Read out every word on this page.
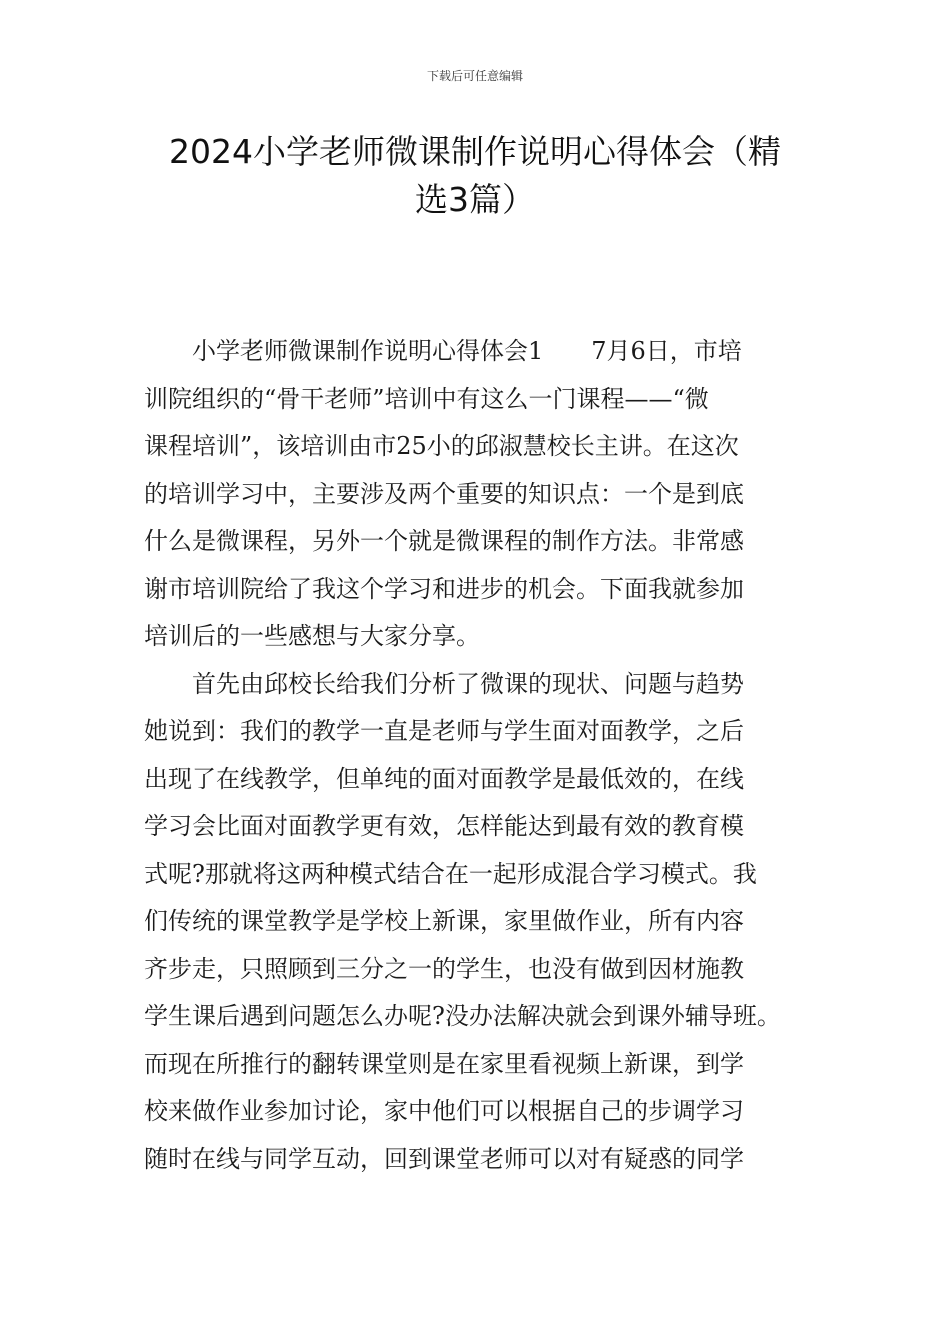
下载后可任意编辑
2024小学老师微课制作说明心得体会（精
选3篇）
　　小学老师微课制作说明心得体会1　　7月6日，市培
训院组织的“骨干老师”培训中有这么一门课程——“微
课程培训”，该培训由市25小的邱淑慧校长主讲。在这次
的培训学习中，主要涉及两个重要的知识点：一个是到底
什么是微课程，另外一个就是微课程的制作方法。非常感
谢市培训院给了我这个学习和进步的机会。下面我就参加
培训后的一些感想与大家分享。
　　首先由邱校长给我们分析了微课的现状、问题与趋势
她说到：我们的教学一直是老师与学生面对面教学，之后
出现了在线教学，但单纯的面对面教学是最低效的，在线
学习会比面对面教学更有效，怎样能达到最有效的教育模
式呢?那就将这两种模式结合在一起形成混合学习模式。我
们传统的课堂教学是学校上新课，家里做作业，所有内容
齐步走，只照顾到三分之一的学生，也没有做到因材施教
学生课后遇到问题怎么办呢?没办法解决就会到课外辅导班。
而现在所推行的翻转课堂则是在家里看视频上新课，到学
校来做作业参加讨论，家中他们可以根据自己的步调学习
随时在线与同学互动，回到课堂老师可以对有疑惑的同学
